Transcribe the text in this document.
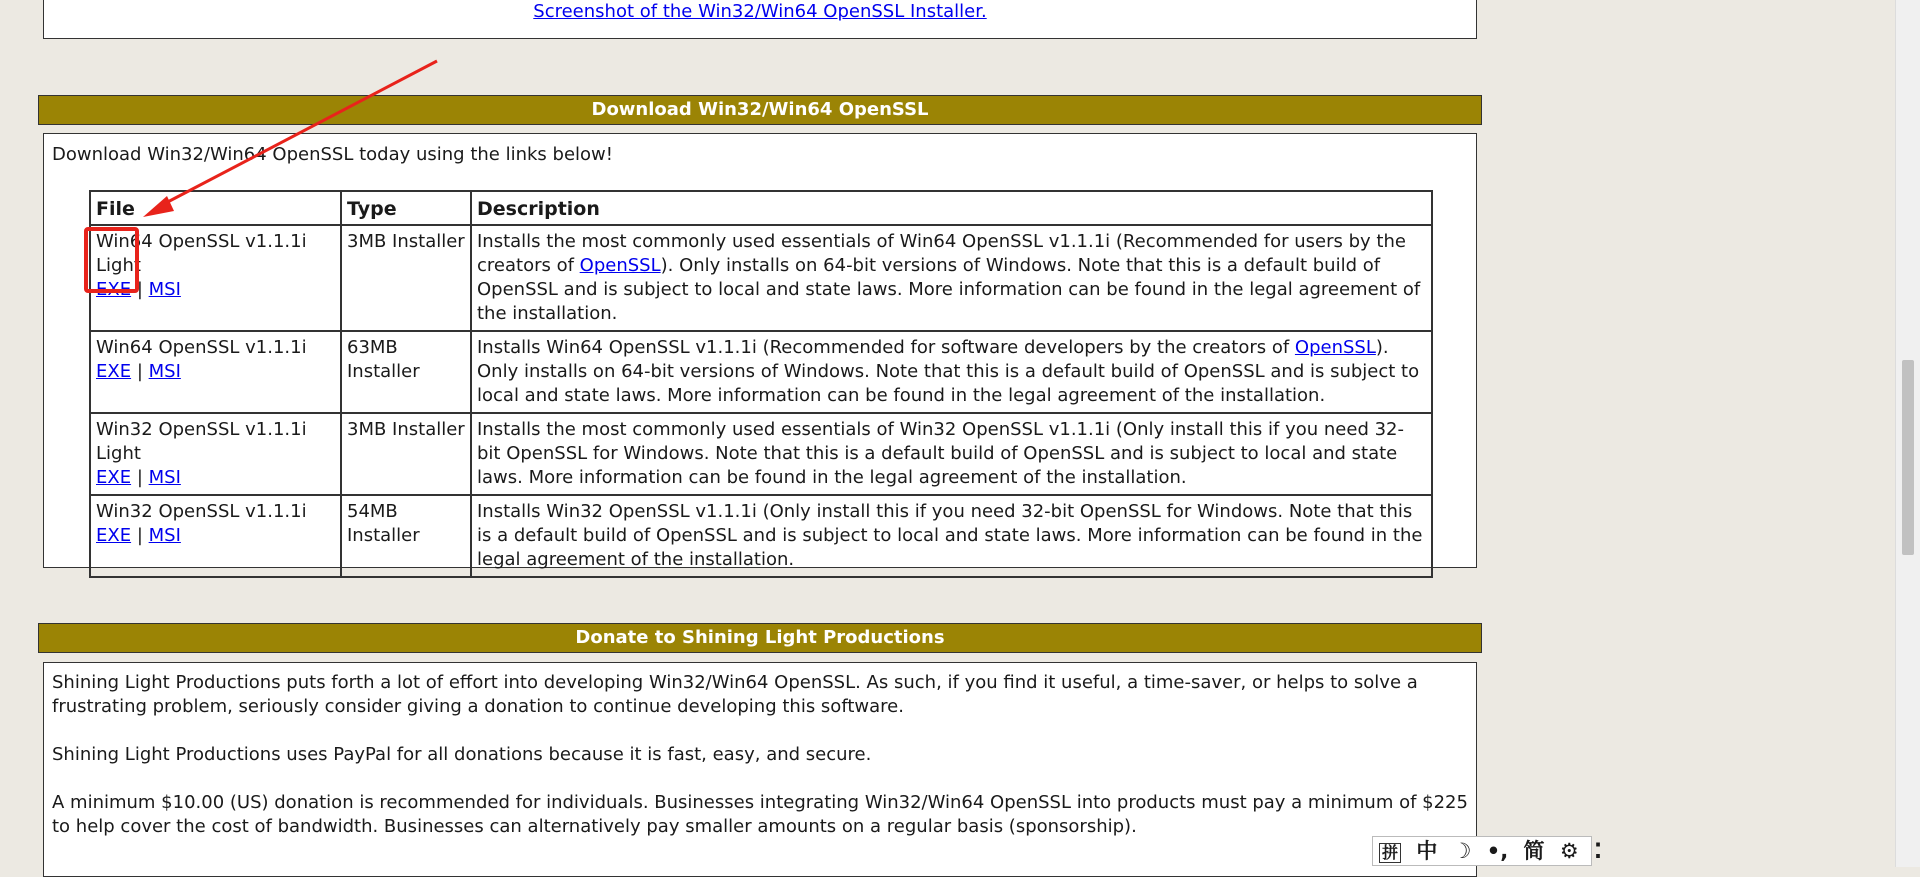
Screenshot of the Win32/Win64 OpenSSL Installer.
Download Win32/Win64 OpenSSL
Download Win32/Win64 OpenSSL today using the links below!
File	Type	Description

Win64 OpenSSL v1.1.1i Light
EXE | MSI	3MB Installer	Installs the most commonly used essentials of Win64 OpenSSL v1.1.1i (Recommended for users by the creators of OpenSSL). Only installs on 64-bit versions of Windows. Note that this is a default build of OpenSSL and is subject to local and state laws. More information can be found in the legal agreement of the installation.

Win64 OpenSSL v1.1.1i
EXE | MSI	63MB Installer	Installs Win64 OpenSSL v1.1.1i (Recommended for software developers by the creators of OpenSSL). Only installs on 64-bit versions of Windows. Note that this is a default build of OpenSSL and is subject to local and state laws. More information can be found in the legal agreement of the installation.

Win32 OpenSSL v1.1.1i Light
EXE | MSI	3MB Installer	Installs the most commonly used essentials of Win32 OpenSSL v1.1.1i (Only install this if you need 32-bit OpenSSL for Windows. Note that this is a default build of OpenSSL and is subject to local and state laws. More information can be found in the legal agreement of the installation.

Win32 OpenSSL v1.1.1i
EXE | MSI	54MB Installer	Installs Win32 OpenSSL v1.1.1i (Only install this if you need 32-bit OpenSSL for Windows. Note that this is a default build of OpenSSL and is subject to local and state laws. More information can be found in the legal agreement of the installation.
Donate to Shining Light Productions

Shining Light Productions puts forth a lot of effort into developing Win32/Win64 OpenSSL. As such, if you find it useful, a time-saver, or helps to solve a frustrating problem, seriously consider giving a donation to continue developing this software.

Shining Light Productions uses PayPal for all donations because it is fast, easy, and secure.

A minimum $10.00 (US) donation is recommended for individuals. Businesses integrating Win32/Win64 OpenSSL into products must pay a minimum of $225 to help cover the cost of bandwidth. Businesses can alternatively pay smaller amounts on a regular basis (sponsorship).

拼 中 ☽ •, 简 ⚙ ⁚
